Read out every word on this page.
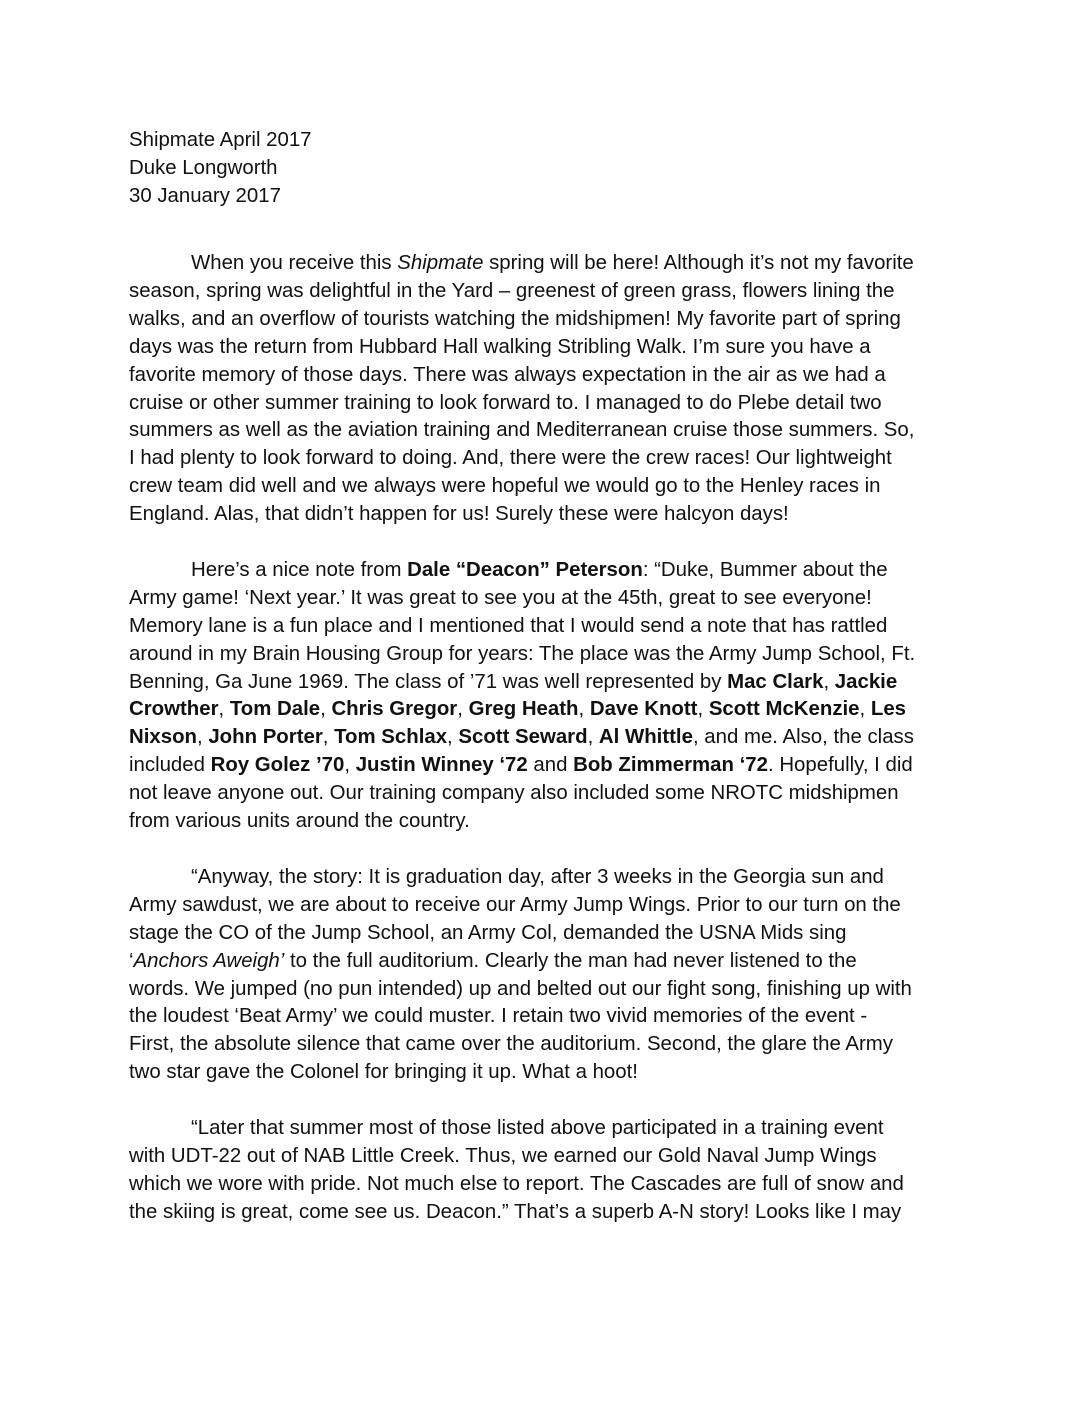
Shipmate April 2017
Duke Longworth
30 January 2017
When you receive this Shipmate spring will be here! Although it’s not my favorite
season, spring was delightful in the Yard – greenest of green grass, flowers lining the
walks, and an overflow of tourists watching the midshipmen! My favorite part of spring
days was the return from Hubbard Hall walking Stribling Walk. I’m sure you have a
favorite memory of those days. There was always expectation in the air as we had a
cruise or other summer training to look forward to. I managed to do Plebe detail two
summers as well as the aviation training and Mediterranean cruise those summers. So,
I had plenty to look forward to doing. And, there were the crew races! Our lightweight
crew team did well and we always were hopeful we would go to the Henley races in
England. Alas, that didn’t happen for us! Surely these were halcyon days!
Here’s a nice note from Dale “Deacon” Peterson: “Duke, Bummer about the
Army game! ‘Next year.’ It was great to see you at the 45th, great to see everyone!
Memory lane is a fun place and I mentioned that I would send a note that has rattled
around in my Brain Housing Group for years: The place was the Army Jump School, Ft.
Benning, Ga June 1969. The class of ’71 was well represented by Mac Clark, Jackie
Crowther, Tom Dale, Chris Gregor, Greg Heath, Dave Knott, Scott McKenzie, Les
Nixson, John Porter, Tom Schlax, Scott Seward, Al Whittle, and me. Also, the class
included Roy Golez ’70, Justin Winney ‘72 and Bob Zimmerman ‘72. Hopefully, I did
not leave anyone out. Our training company also included some NROTC midshipmen
from various units around the country.
“Anyway, the story: It is graduation day, after 3 weeks in the Georgia sun and
Army sawdust, we are about to receive our Army Jump Wings. Prior to our turn on the
stage the CO of the Jump School, an Army Col, demanded the USNA Mids sing
‘Anchors Aweigh’ to the full auditorium. Clearly the man had never listened to the
words. We jumped (no pun intended) up and belted out our fight song, finishing up with
the loudest ‘Beat Army’ we could muster. I retain two vivid memories of the event -
First, the absolute silence that came over the auditorium. Second, the glare the Army
two star gave the Colonel for bringing it up. What a hoot!
“Later that summer most of those listed above participated in a training event
with UDT-22 out of NAB Little Creek. Thus, we earned our Gold Naval Jump Wings
which we wore with pride. Not much else to report. The Cascades are full of snow and
the skiing is great, come see us. Deacon.” That’s a superb A-N story! Looks like I may
